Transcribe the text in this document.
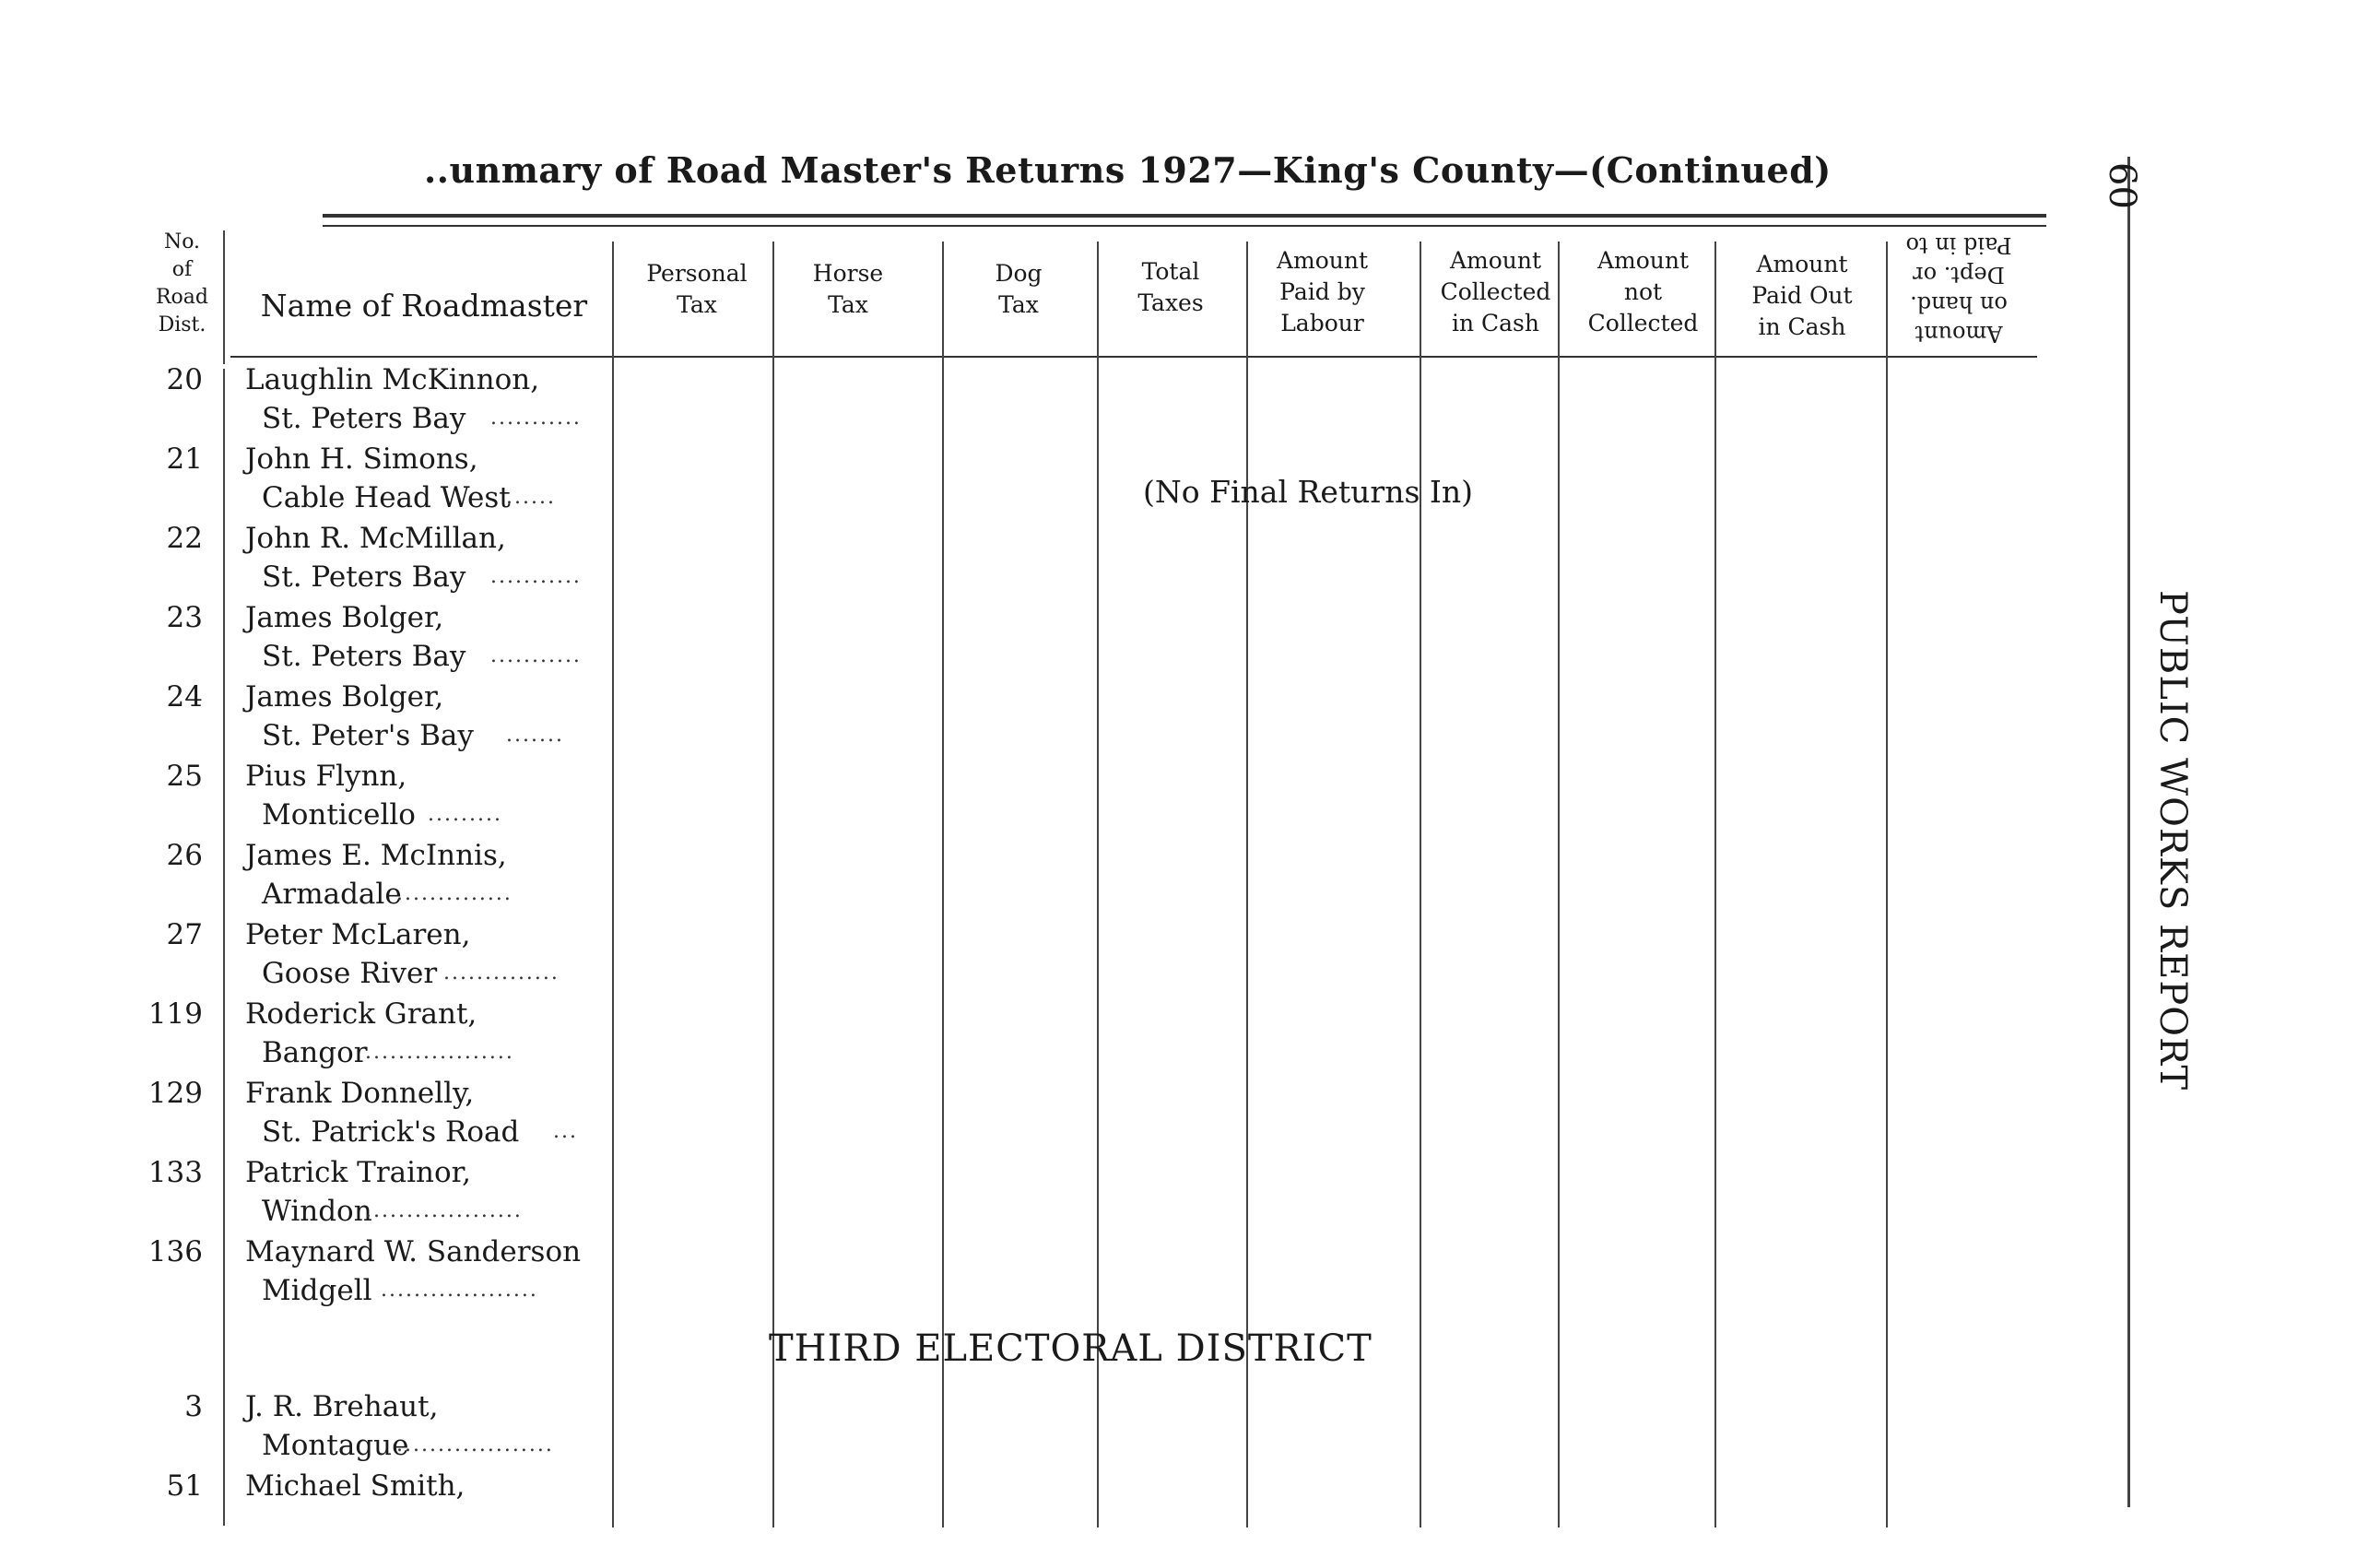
..unmary of Road Master's Returns 1927—King's County—(Continued)
No.
of
Road
Dist.
Name of Roadmaster
Personal
Tax
Horse
Tax
Dog
Tax
Total
Taxes
Amount
Paid by
Labour
Amount
Collected
in Cash
Amount
not
Collected
Amount
Paid Out
in Cash	Amount
on hand.
Dept. or
Paid in to
60
PUBLIC WORKS REPORT
20 Laughlin McKinnon,
St. Peters Bay ...........
21 John H. Simons,
Cable Head West
......
22 John R. McMillan,
St. Peters Bay ...........
23 James Bolger,
St. Peters Bay ...........
24 James Bolger,
St. Peter's Bay .......
25 Pius Flynn,
Monticello .........
26 James E. McInnis,
Armadale
..............
27 Peter McLaren,
Goose River ..............
119 Roderick Grant,
Bangor
..................
129 Frank Donnelly,
St. Patrick's Road ...
133 Patrick Trainor,
Windon
...................
136 Maynard W. Sanderson
Midgell ...................
(No Final Returns In)
THIRD ELECTORAL DISTRICT
3 J. R. Brehaut,
Montague
...................
51 Michael Smith,
